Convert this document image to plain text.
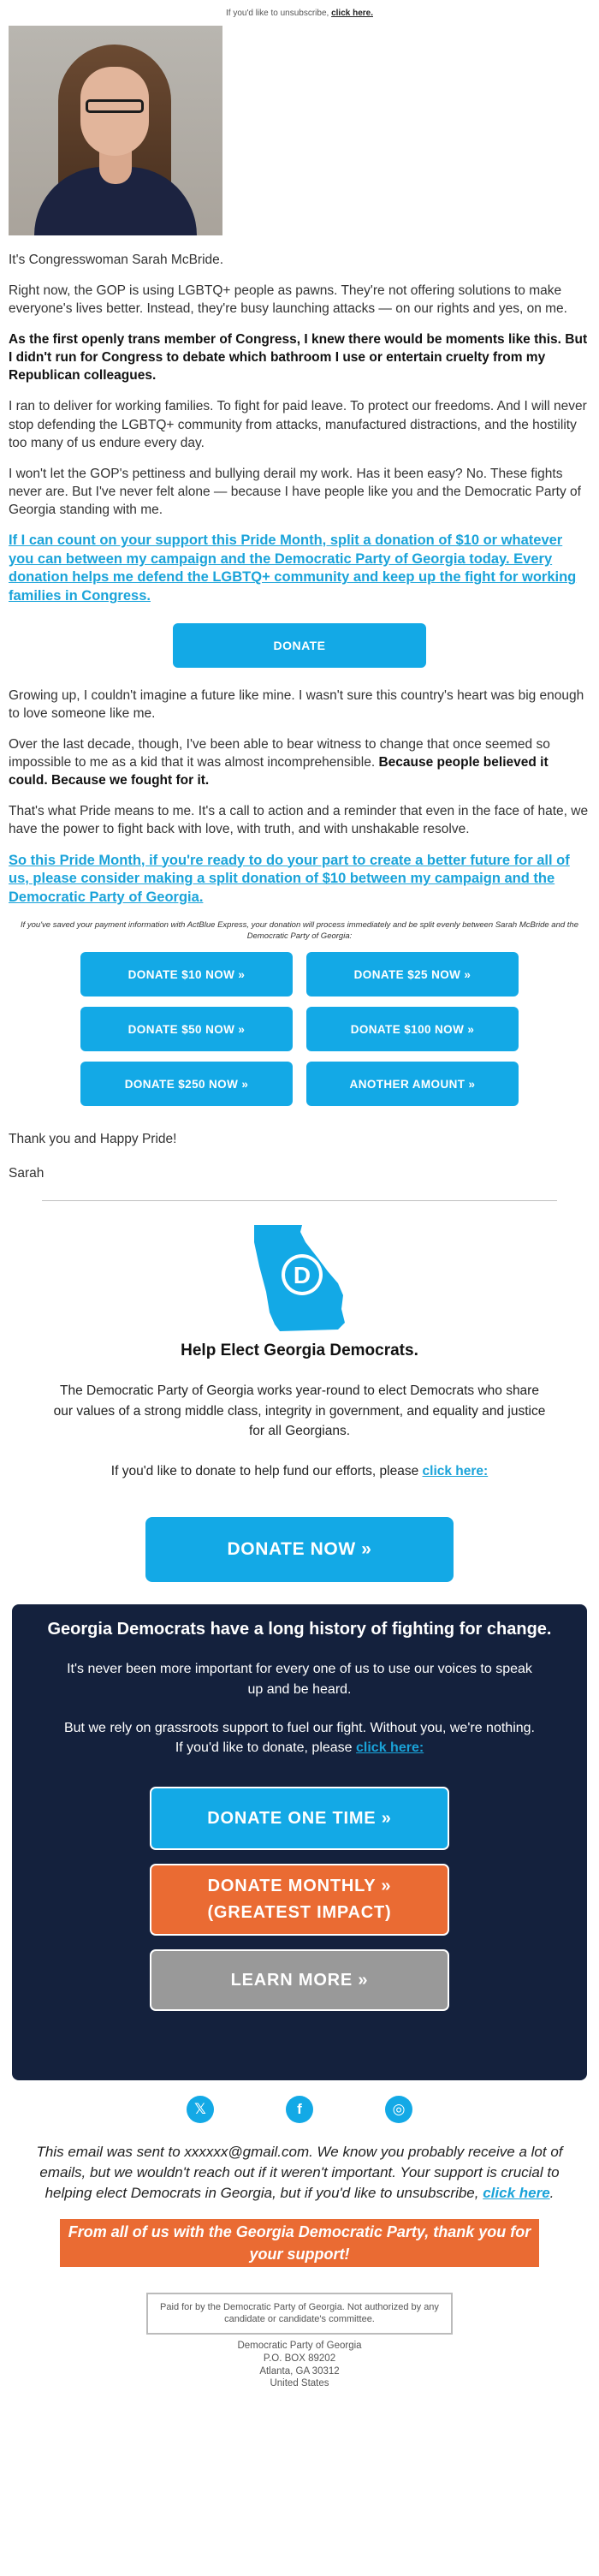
If you'd like to unsubscribe, click here.

It's Congresswoman Sarah McBride.

Right now, the GOP is using LGBTQ+ people as pawns. They're not offering solutions to make everyone's lives better. Instead, they're busy launching attacks — on our rights and yes, on me.

As the first openly trans member of Congress, I knew there would be moments like this. But I didn't run for Congress to debate which bathroom I use or entertain cruelty from my Republican colleagues.

I ran to deliver for working families. To fight for paid leave. To protect our freedoms. And I will never stop defending the LGBTQ+ community from attacks, manufactured distractions, and the hostility too many of us endure every day.

I won't let the GOP's pettiness and bullying derail my work. Has it been easy? No. These fights never are. But I've never felt alone — because I have people like you and the Democratic Party of Georgia standing with me.

If I can count on your support this Pride Month, split a donation of $10 or whatever you can between my campaign and the Democratic Party of Georgia today. Every donation helps me defend the LGBTQ+ community and keep up the fight for working families in Congress.

DONATE

Growing up, I couldn't imagine a future like mine. I wasn't sure this country's heart was big enough to love someone like me.

Over the last decade, though, I've been able to bear witness to change that once seemed so impossible to me as a kid that it was almost incomprehensible. Because people believed it could. Because we fought for it.

That's what Pride means to me. It's a call to action and a reminder that even in the face of hate, we have the power to fight back with love, with truth, and with unshakable resolve.

So this Pride Month, if you're ready to do your part to create a better future for all of us, please consider making a split donation of $10 between my campaign and the Democratic Party of Georgia.

If you've saved your payment information with ActBlue Express, your donation will process immediately and be split evenly between Sarah McBride and the Democratic Party of Georgia:
DONATE $10 NOW »	DONATE $25 NOW »
DONATE $50 NOW »	DONATE $100 NOW »
DONATE $250 NOW »	ANOTHER AMOUNT »

Thank you and Happy Pride!

Sarah

D
Help Elect Georgia Democrats.
The Democratic Party of Georgia works year-round to elect Democrats who share our values of a strong middle class, integrity in government, and equality and justice for all Georgians.
If you'd like to donate to help fund our efforts, please click here:
DONATE NOW »
Georgia Democrats have a long history of fighting for change.
It's never been more important for every one of us to use our voices to speak up and be heard.
But we rely on grassroots support to fuel our fight. Without you, we're nothing. If you'd like to donate, please click here:
DONATE ONE TIME »
DONATE MONTHLY »
(GREATEST IMPACT)
LEARN MORE »
𝕏	f	◎
This email was sent to xxxxxx@gmail.com. We know you probably receive a lot of emails, but we wouldn't reach out if it weren't important. Your support is crucial to helping elect Democrats in Georgia, but if you'd like to unsubscribe, click here.
From all of us with the Georgia Democratic Party, thank you for your support!
Paid for by the Democratic Party of Georgia. Not authorized by any candidate or candidate's committee.
Democratic Party of Georgia
P.O. BOX 89202
Atlanta, GA 30312
United States
